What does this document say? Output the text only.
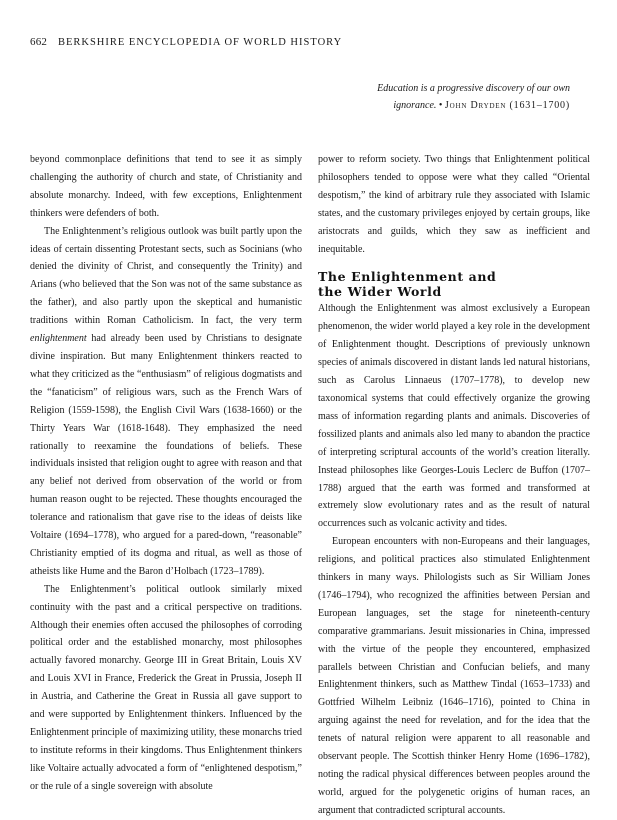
662 BERKSHIRE ENCYCLOPEDIA OF WORLD HISTORY
Education is a progressive discovery of our own
ignorance. • John Dryden (1631–1700)

beyond commonplace definitions that tend to see it as simply challenging the authority of church and state, of Christianity and absolute monarchy. Indeed, with few exceptions, Enlightenment thinkers were defenders of both.

The Enlightenment’s religious outlook was built partly upon the ideas of certain dissenting Protestant sects, such as Socinians (who denied the divinity of Christ, and consequently the Trinity) and Arians (who believed that the Son was not of the same substance as the father), and also partly upon the skeptical and humanistic traditions within Roman Catholicism. In fact, the very term enlightenment had already been used by Christians to designate divine inspiration. But many Enlightenment thinkers reacted to what they criticized as the “enthusiasm” of religious dogmatists and the “fanaticism” of religious wars, such as the French Wars of Religion (1559-1598), the English Civil Wars (1638-1660) or the Thirty Years War (1618-1648). They emphasized the need rationally to reexamine the foundations of beliefs. These individuals insisted that religion ought to agree with reason and that any belief not derived from observation of the world or from human reason ought to be rejected. These thoughts encouraged the tolerance and rationalism that gave rise to the ideas of deists like Voltaire (1694–1778), who argued for a pared-down, “reasonable” Christianity emptied of its dogma and ritual, as well as those of atheists like Hume and the Baron d’Holbach (1723–1789).

The Enlightenment’s political outlook similarly mixed continuity with the past and a critical perspective on traditions. Although their enemies often accused the philosophes of corroding political order and the established monarchy, most philosophes actually favored monarchy. George III in Great Britain, Louis XV and Louis XVI in France, Frederick the Great in Prussia, Joseph II in Austria, and Catherine the Great in Russia all gave support to and were supported by Enlightenment thinkers. Influenced by the Enlightenment principle of maximizing utility, these monarchs tried to institute reforms in their kingdoms. Thus Enlightenment thinkers like Voltaire actually advocated a form of “enlightened despotism,” or the rule of a single sovereign with absolute

power to reform society. Two things that Enlightenment political philosophers tended to oppose were what they called “Oriental despotism,” the kind of arbitrary rule they associated with Islamic states, and the customary privileges enjoyed by certain groups, like aristocrats and guilds, which they saw as inefficient and inequitable.

The Enlightenment and
the Wider World

Although the Enlightenment was almost exclusively a European phenomenon, the wider world played a key role in the development of Enlightenment thought. Descriptions of previously unknown species of animals discovered in distant lands led natural historians, such as Carolus Linnaeus (1707–1778), to develop new taxonomical systems that could effectively organize the growing mass of information regarding plants and animals. Discoveries of fossilized plants and animals also led many to abandon the practice of interpreting scriptural accounts of the world’s creation literally. Instead philosophes like Georges-Louis Leclerc de Buffon (1707–1788) argued that the earth was formed and transformed at extremely slow evolutionary rates and as the result of natural occurrences such as volcanic activity and tides.

European encounters with non-Europeans and their languages, religions, and political practices also stimulated Enlightenment thinkers in many ways. Philologists such as Sir William Jones (1746–1794), who recognized the affinities between Persian and European languages, set the stage for nineteenth-century comparative grammarians. Jesuit missionaries in China, impressed with the virtue of the people they encountered, emphasized parallels between Christian and Confucian beliefs, and many Enlightenment thinkers, such as Matthew Tindal (1653–1733) and Gottfried Wilhelm Leibniz (1646–1716), pointed to China in arguing against the need for revelation, and for the idea that the tenets of natural religion were apparent to all reasonable and observant people. The Scottish thinker Henry Home (1696–1782), noting the radical physical differences between peoples around the world, argued for the polygenetic origins of human races, an argument that contradicted scriptural accounts.
